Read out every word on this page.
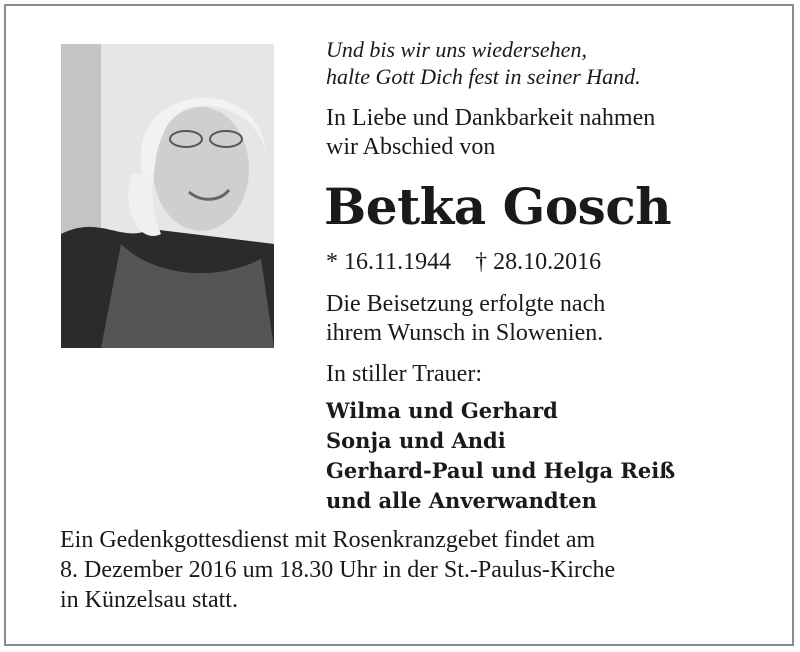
Und bis wir uns wiedersehen,
halte Gott Dich fest in seiner Hand.

In Liebe und Dankbarkeit nahmen
wir Abschied von

Betka Gosch

* 16.11.1944 † 28.10.2016

Die Beisetzung erfolgte nach
ihrem Wunsch in Slowenien.

In stiller Trauer:

Wilma und Gerhard
Sonja und Andi
Gerhard-Paul und Helga Reiß
und alle Anverwandten

Ein Gedenkgottesdienst mit Rosenkranzgebet findet am
8. Dezember 2016 um 18.30 Uhr in der St.-Paulus-Kirche
in Künzelsau statt.
